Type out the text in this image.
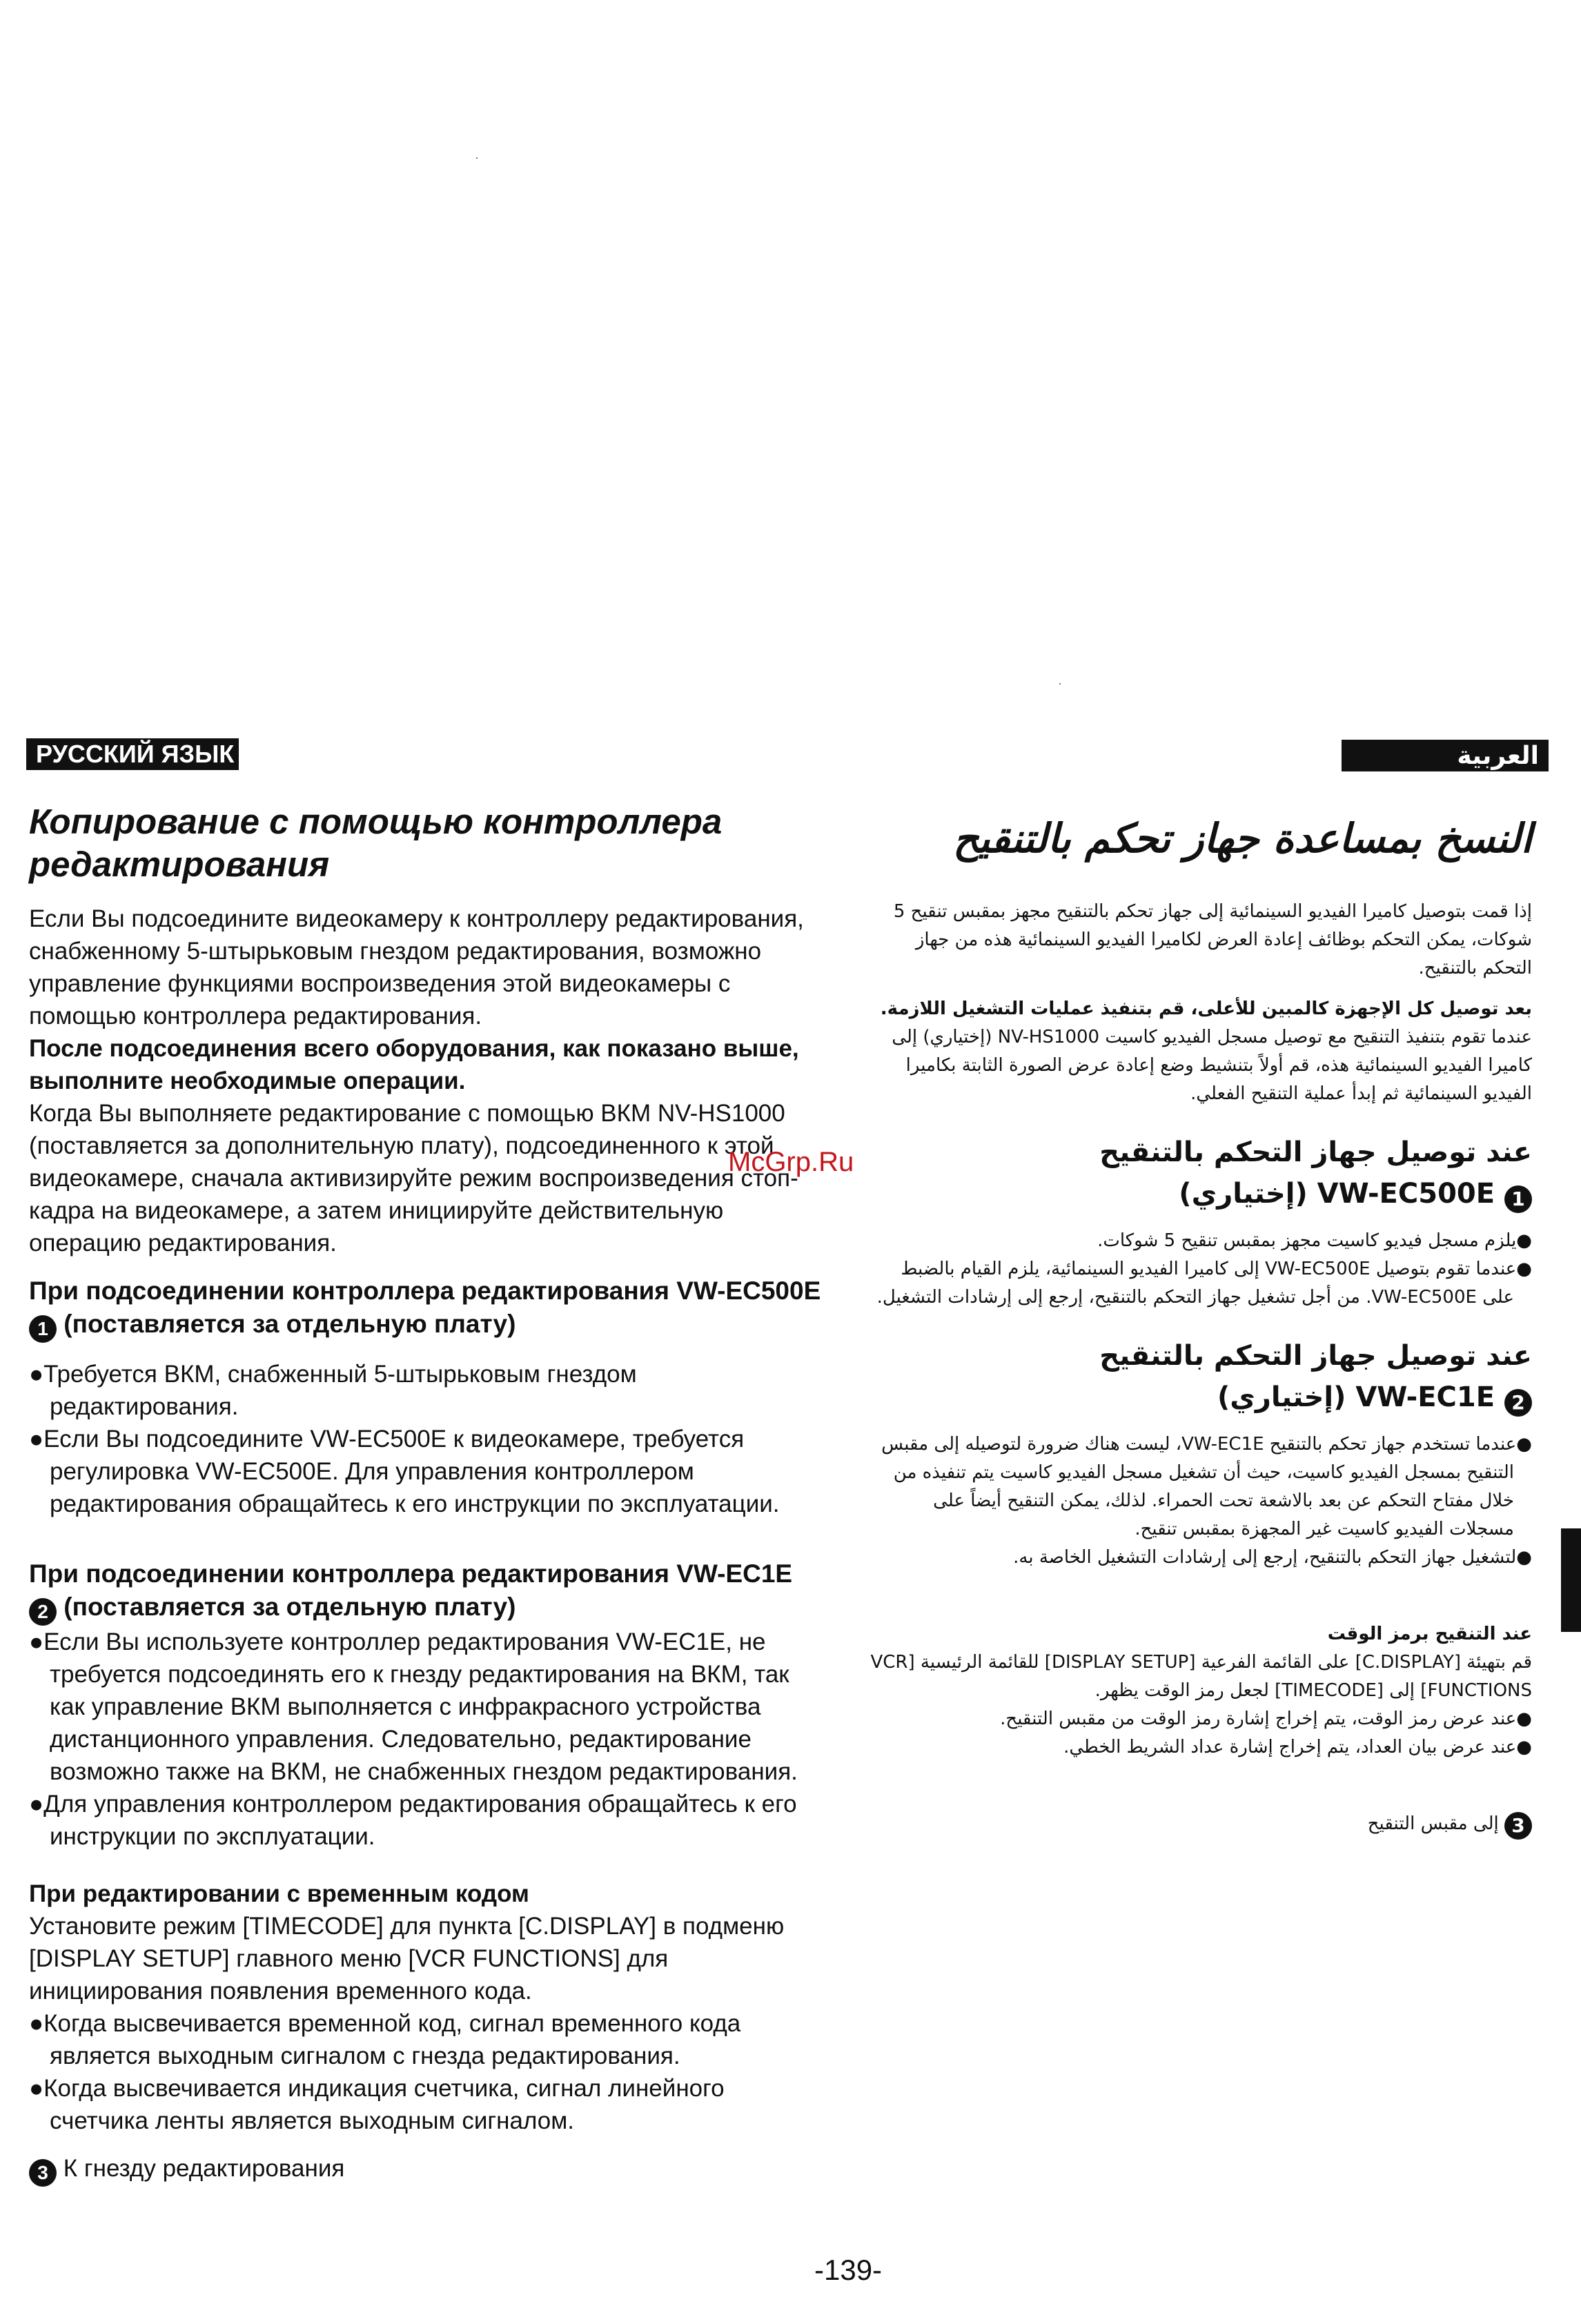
РУССКИЙ ЯЗЫК	العربية
Копирование с помощью контроллера редактирования

Если Вы подсоедините видеокамеру к контроллеру редактирования, снабженному 5-штырьковым гнездом редактирования, возможно управление функциями воспроизведения этой видеокамеры с помощью контроллера редактирования.

После подсоединения всего оборудования, как показано выше, выполните необходимые операции.

Когда Вы выполняете редактирование с помощью ВКМ NV-HS1000 (поставляется за дополнительную плату), подсоединенного к этой видеокамере, сначала активизируйте режим воспроизведения стоп-кадра на видеокамере, а затем инициируйте действительную операцию редактирования.

При подсоединении контроллера редактирования VW-EC500E 1 (поставляется за отдельную плату)

●Требуется ВКМ, снабженный 5-штырьковым гнездом редактирования.

●Если Вы подсоедините VW-EC500E к видеокамере, требуется регулировка VW-EC500E. Для управления контроллером редактирования обращайтесь к его инструкции по эксплуатации.

При подсоединении контроллера редактирования VW-EC1E 2 (поставляется за отдельную плату)

●Если Вы используете контроллер редактирования VW-EC1E, не требуется подсоединять его к гнезду редактирования на ВКМ, так как управление ВКМ выполняется с инфракрасного устройства дистанционного управления. Следовательно, редактирование возможно также на ВКМ, не снабженных гнездом редактирования.

●Для управления контроллером редактирования обращайтесь к его инструкции по эксплуатации.

При редактировании с временным кодом

Установите режим [TIMECODE] для пункта [C.DISPLAY] в подменю [DISPLAY SETUP] главного меню [VCR FUNCTIONS] для инициирования появления временного кода.

●Когда высвечивается временной код, сигнал временного кода является выходным сигналом с гнезда редактирования.

●Когда высвечивается индикация счетчика, сигнал линейного счетчика ленты является выходным сигналом.

3 К гнезду редактирования

McGrp.Ru
النسخ بمساعدة جهاز تحكم بالتنقيح

إذا قمت بتوصيل كاميرا الفيديو السينمائية إلى جهاز تحكم بالتنقيح مجهز بمقبس تنقيح 5 شوكات، يمكن التحكم بوظائف إعادة العرض لكاميرا الفيديو السينمائية هذه من جهاز التحكم بالتنقيح.

بعد توصيل كل الإجهزة كالمبين للأعلى، قم بتنفيذ عمليات التشغيل اللازمة.

عندما تقوم بتنفيذ التنقيح مع توصيل مسجل الفيديو كاسيت NV-HS1000 (إختياري) إلى كاميرا الفيديو السينمائية هذه، قم أولاً بتنشيط وضع إعادة عرض الصورة الثابتة بكاميرا الفيديو السينمائية ثم إبدأ عملية التنقيح الفعلي.

عند توصيل جهاز التحكم بالتنقيح

1 VW-EC500E (إختياري)

●يلزم مسجل فيديو كاسيت مجهز بمقبس تنقيح 5 شوكات.

●عندما تقوم بتوصيل VW-EC500E إلى كاميرا الفيديو السينمائية، يلزم القيام بالضبط على VW-EC500E. من أجل تشغيل جهاز التحكم بالتنقيح، إرجع إلى إرشادات التشغيل.

عند توصيل جهاز التحكم بالتنقيح

2 VW-EC1E (إختياري)

●عندما تستخدم جهاز تحكم بالتنقيح VW-EC1E، ليست هناك ضرورة لتوصيله إلى مقبس التنقيح بمسجل الفيديو كاسيت، حيث أن تشغيل مسجل الفيديو كاسيت يتم تنفيذه من خلال مفتاح التحكم عن بعد بالاشعة تحت الحمراء. لذلك، يمكن التنقيح أيضاً على مسجلات الفيديو كاسيت غير المجهزة بمقبس تنقيح.

●لتشغيل جهاز التحكم بالتنقيح، إرجع إلى إرشادات التشغيل الخاصة به.

عند التنقيح برمز الوقت

قم بتهيئة [C.DISPLAY] على القائمة الفرعية [DISPLAY SETUP] للقائمة الرئيسية [VCR FUNCTIONS] إلى [TIMECODE] لجعل رمز الوقت يظهر.

●عند عرض رمز الوقت، يتم إخراج إشارة رمز الوقت من مقبس التنقيح.

●عند عرض بيان العداد، يتم إخراج إشارة عداد الشريط الخطي.

3 إلى مقبس التنقيح

-139-
